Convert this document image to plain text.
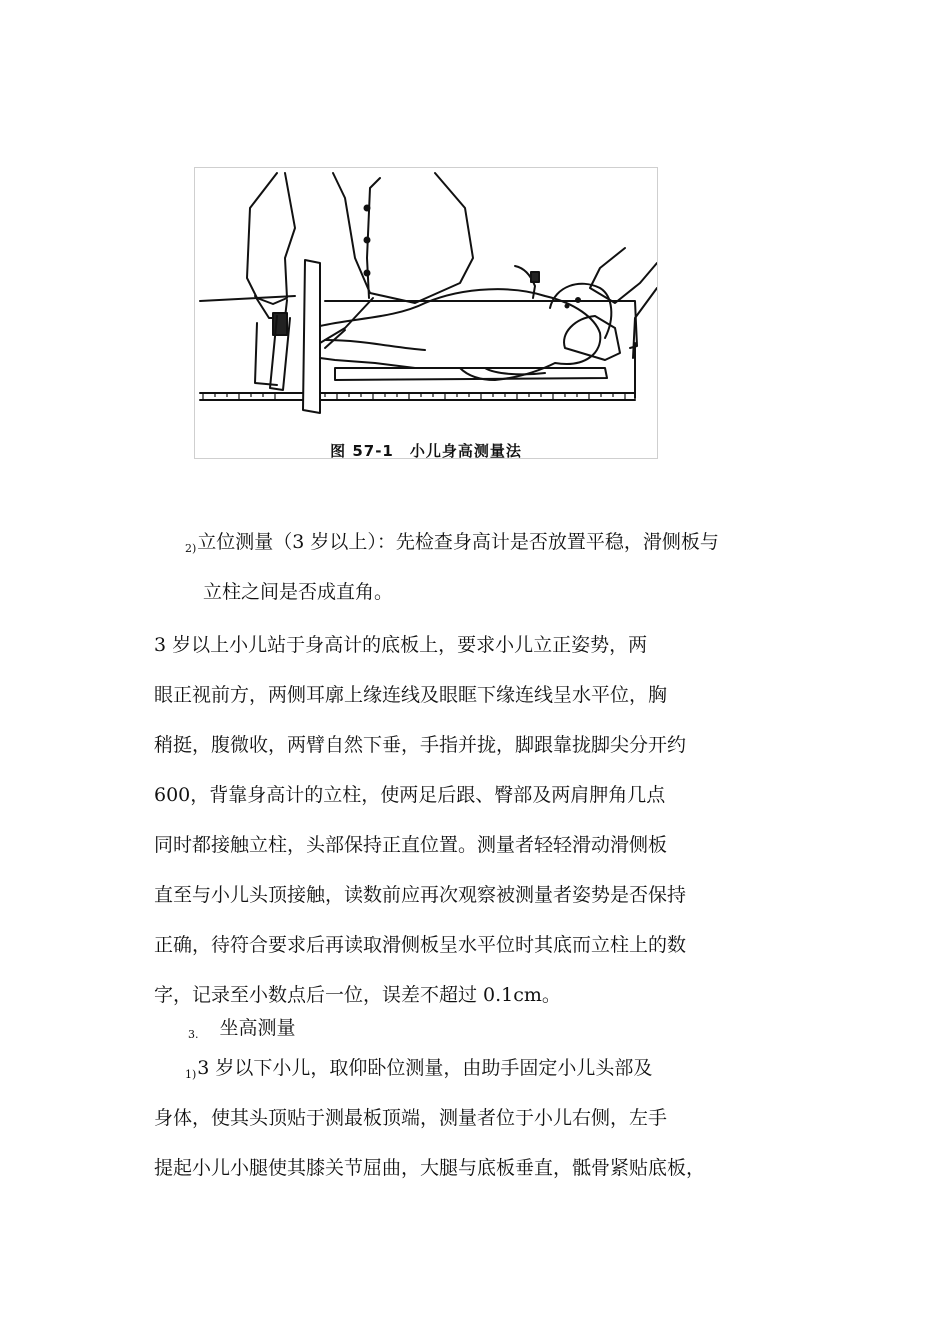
图 57-1　小儿身高测量法
$_{2)}$立位测量（3 岁以上）：先检查身高计是否放置平稳，滑侧板与
立柱之间是否成直角。
3 岁以上小儿站于身高计的底板上，要求小儿立正姿势，两
眼正视前方，两侧耳廓上缘连线及眼眶下缘连线呈水平位，胸
稍挺，腹微收，两臂自然下垂，手指并拢，脚跟靠拢脚尖分开约
600，背靠身高计的立柱，使两足后跟、臀部及两肩胛角几点
同时都接触立柱，头部保持正直位置。测量者轻轻滑动滑侧板
直至与小儿头顶接触，读数前应再次观察被测量者姿势是否保持
正确，待符合要求后再读取滑侧板呈水平位时其底而立柱上的数
字，记录至小数点后一位，误差不超过 0.1cm。
$_{3.}$ 坐高测量
$_{1)}$3 岁以下小儿，取仰卧位测量，由助手固定小儿头部及
身体，使其头顶贴于测最板顶端，测量者位于小儿右侧，左手
提起小儿小腿使其膝关节屈曲，大腿与底板垂直，骶骨紧贴底板，
